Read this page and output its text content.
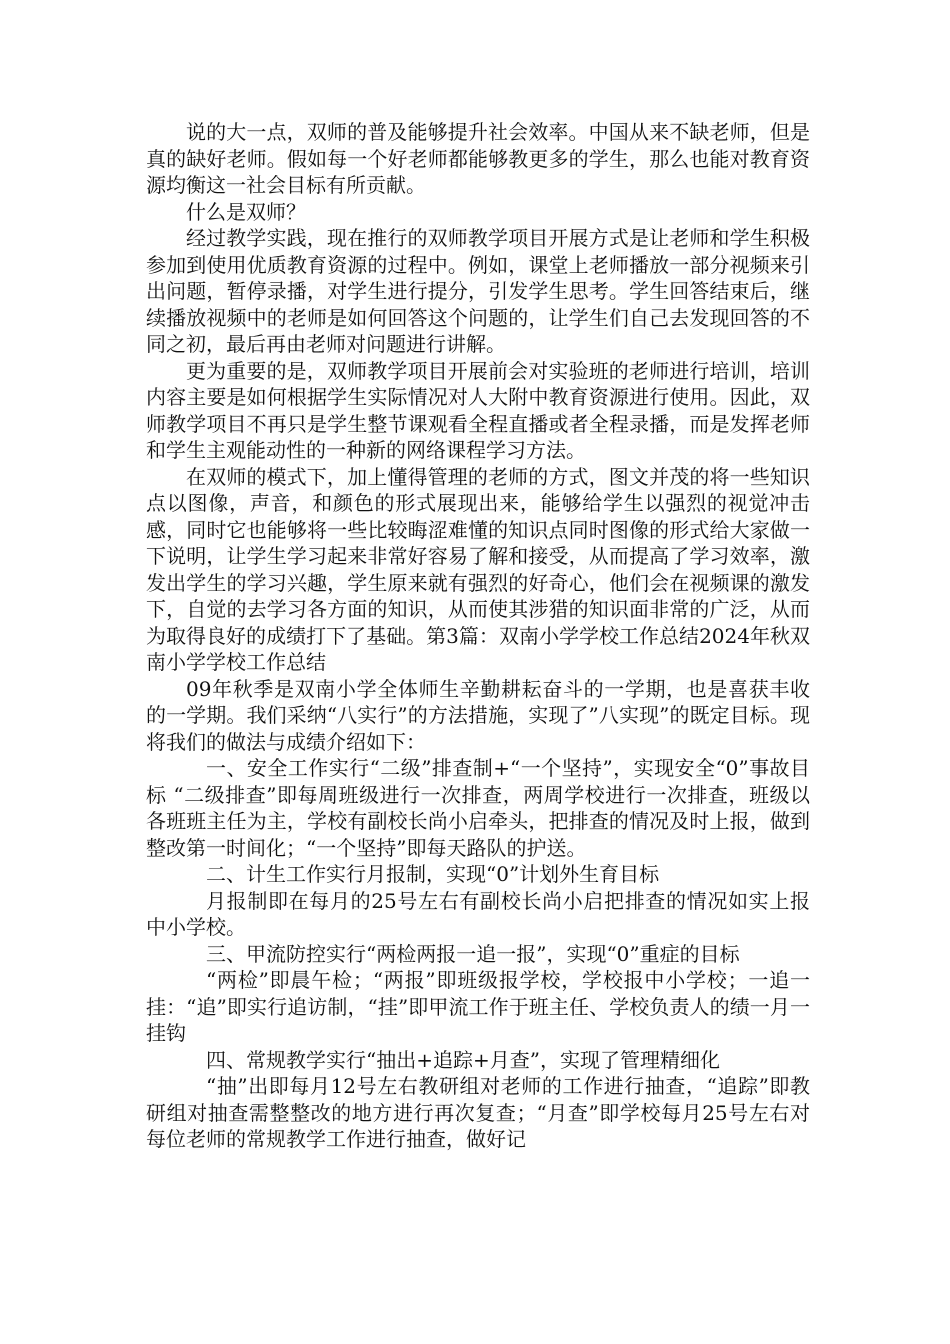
说的大一点，双师的普及能够提升社会效率。中国从来不缺老师，但是真的缺好老师。假如每一个好老师都能够教更多的学生，那么也能对教育资源均衡这一社会目标有所贡献。

什么是双师？

经过教学实践，现在推行的双师教学项目开展方式是让老师和学生积极参加到使用优质教育资源的过程中。例如，课堂上老师播放一部分视频来引出问题，暂停录播，对学生进行提分，引发学生思考。学生回答结束后，继续播放视频中的老师是如何回答这个问题的，让学生们自己去发现回答的不同之初，最后再由老师对问题进行讲解。

更为重要的是，双师教学项目开展前会对实验班的老师进行培训，培训内容主要是如何根据学生实际情况对人大附中教育资源进行使用。因此，双师教学项目不再只是学生整节课观看全程直播或者全程录播，而是发挥老师和学生主观能动性的一种新的网络课程学习方法。

在双师的模式下，加上懂得管理的老师的方式，图文并茂的将一些知识点以图像，声音，和颜色的形式展现出来，能够给学生以强烈的视觉冲击感，同时它也能够将一些比较晦涩难懂的知识点同时图像的形式给大家做一下说明，让学生学习起来非常好容易了解和接受，从而提高了学习效率，激发出学生的学习兴趣，学生原来就有强烈的好奇心，他们会在视频课的激发下，自觉的去学习各方面的知识，从而使其涉猎的知识面非常的广泛，从而为取得良好的成绩打下了基础。第3篇：双南小学学校工作总结2024年秋双南小学学校工作总结

09年秋季是双南小学全体师生辛勤耕耘奋斗的一学期，也是喜获丰收的一学期。我们采纳“八实行”的方法措施，实现了”八实现”的既定目标。现将我们的做法与成绩介绍如下：

一、安全工作实行“二级”排查制+“一个坚持”，实现安全“0”事故目标 “二级排查”即每周班级进行一次排查，两周学校进行一次排查，班级以各班班主任为主，学校有副校长尚小启牵头，把排查的情况及时上报，做到整改第一时间化；“一个坚持”即每天路队的护送。

二、计生工作实行月报制，实现“0”计划外生育目标

月报制即在每月的25号左右有副校长尚小启把排查的情况如实上报中小学校。

三、甲流防控实行“两检两报一追一报”，实现“0”重症的目标

“两检”即晨午检；“两报”即班级报学校，学校报中小学校；一追一挂：“追”即实行追访制，“挂”即甲流工作于班主任、学校负责人的绩一月一挂钩

四、常规教学实行“抽出+追踪+月查”，实现了管理精细化

“抽”出即每月12号左右教研组对老师的工作进行抽查，“追踪”即教研组对抽查需整整改的地方进行再次复查；“月查”即学校每月25号左右对每位老师的常规教学工作进行抽查，做好记
